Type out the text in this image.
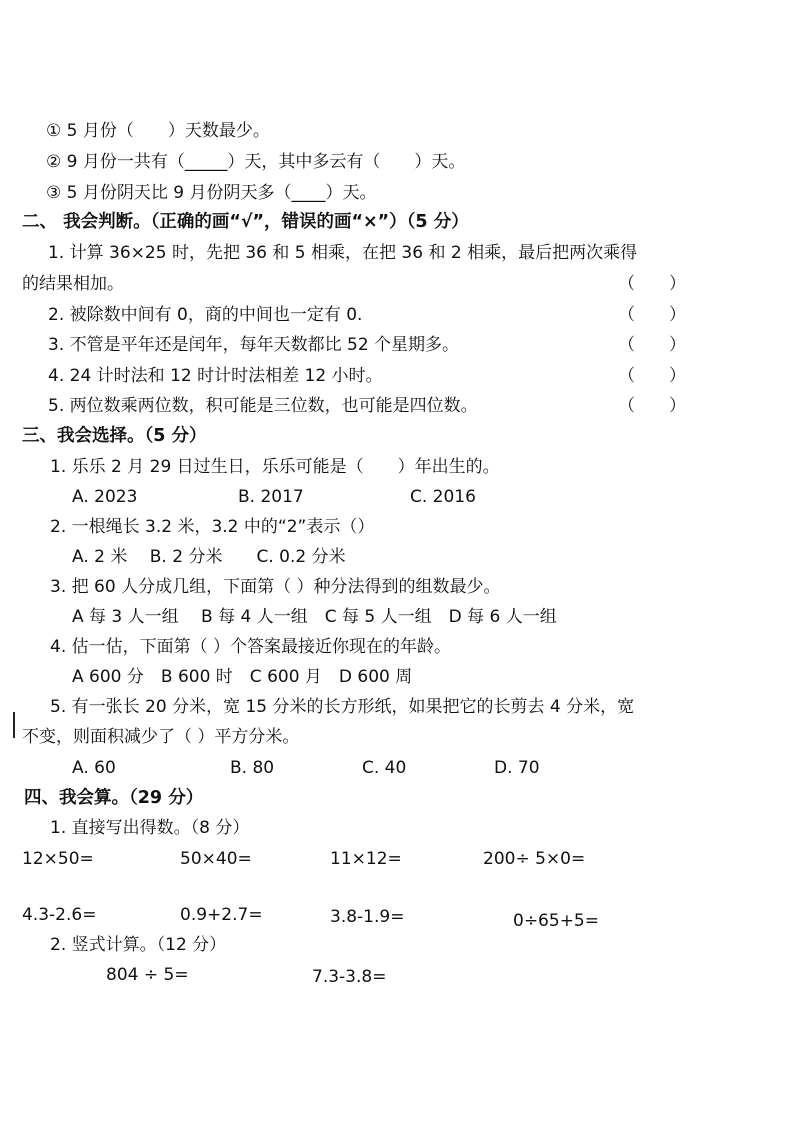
① 5 月份（　　）天数最少。
② 9 月份一共有（_____）天，其中多云有（　　）天。
③ 5 月份阴天比 9 月份阴天多（____）天。
二、 我会判断。（正确的画“√”，错误的画“×”）（5 分）
1. 计算 36×25 时，先把 36 和 5 相乘，在把 36 和 2 相乘，最后把两次乘得
的结果相加。	（　　）
2. 被除数中间有 0，商的中间也一定有 0.	（　　）
3. 不管是平年还是闰年，每年天数都比 52 个星期多。	（　　）
4. 24 计时法和 12 时计时法相差 12 小时。	（　　）
5. 两位数乘两位数，积可能是三位数，也可能是四位数。	（　　）
三、我会选择。（5 分）
1. 乐乐 2 月 29 日过生日，乐乐可能是（　　）年出生的。
A. 2023	B. 2017	C. 2016
2. 一根绳长 3.2 米，3.2 中的“2”表示（）
A. 2 米　 B. 2 分米　　C. 0.2 分米
3. 把 60 人分成几组，下面第（ ）种分法得到的组数最少。
A 每 3 人一组　 B 每 4 人一组　C 每 5 人一组　D 每 6 人一组
4. 估一估，下面第（ ）个答案最接近你现在的年龄。
A 600 分　B 600 时　C 600 月　D 600 周
5. 有一张长 20 分米，宽 15 分米的长方形纸，如果把它的长剪去 4 分米，宽
不变，则面积减少了（ ）平方分米。
A. 60	B. 80	C. 40	D. 70
四、我会算。（29 分）
1. 直接写出得数。（8 分）
12×50=	50×40=	11×12=	200÷ 5×0=
4.3-2.6=	0.9+2.7=	3.8-1.9=	0÷65+5=
2. 竖式计算。（12 分）
804 ÷ 5=	7.3-3.8=
